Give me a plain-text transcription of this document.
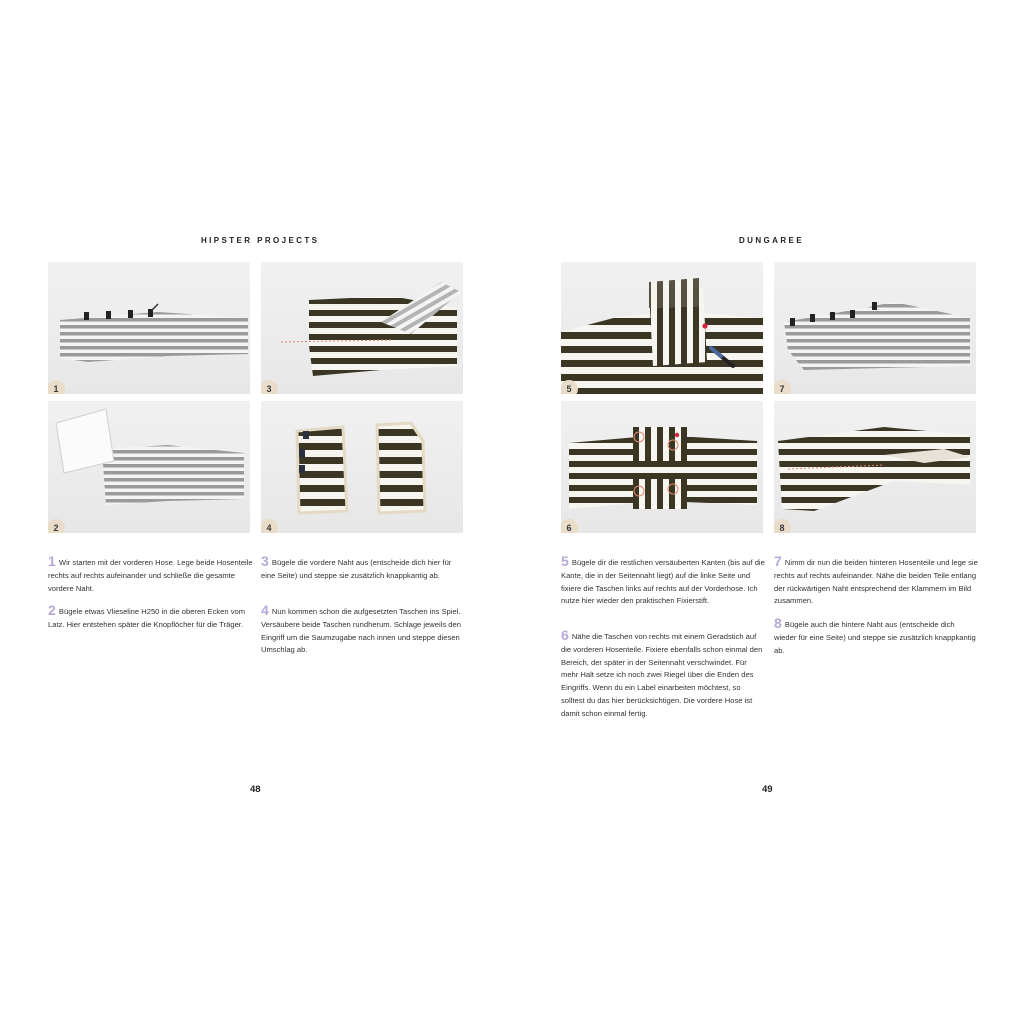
HIPSTER PROJECTS
1	3
2	4
1 Wir starten mit der vorderen Hose. Lege beide Hosenteile rechts auf rechts aufeinander und schließe die gesamte vordere Naht.
2 Bügele etwas Vlieseline H250 in die oberen Ecken vom Latz. Hier entstehen später die Knopflöcher für die Träger.
3 Bügele die vordere Naht aus (entscheide dich hier für eine Seite) und steppe sie zusätzlich knappkantig ab.
4 Nun kommen schon die aufgesetzten Taschen ins Spiel. Versäubere beide Taschen rundherum. Schlage jeweils den Eingriff um die Saumzugabe nach innen und steppe diesen Umschlag ab.
48
DUNGAREE
5	7
6	8
5 Bügele dir die restlichen versäuberten Kanten (bis auf die Kante, die in der Seitennaht liegt) auf die linke Seite und fixiere die Taschen links auf rechts auf der Vorderhose. Ich nutze hier wieder den praktischen Fixierstift.
6 Nähe die Taschen von rechts mit einem Geradstich auf die vorderen Hosenteile. Fixiere ebenfalls schon einmal den Bereich, der später in der Seitennaht verschwindet. Für mehr Halt setze ich noch zwei Riegel über die Enden des Eingriffs. Wenn du ein Label einarbeiten möchtest, so solltest du das hier berücksichtigen. Die vordere Hose ist damit schon einmal fertig.
7 Nimm dir nun die beiden hinteren Hosenteile und lege sie rechts auf rechts aufeinander. Nähe die beiden Teile entlang der rückwärtigen Naht entsprechend der Klammern im Bild zusammen.
8 Bügele auch die hintere Naht aus (entscheide dich wieder für eine Seite) und steppe sie zusätzlich knappkantig ab.
49
